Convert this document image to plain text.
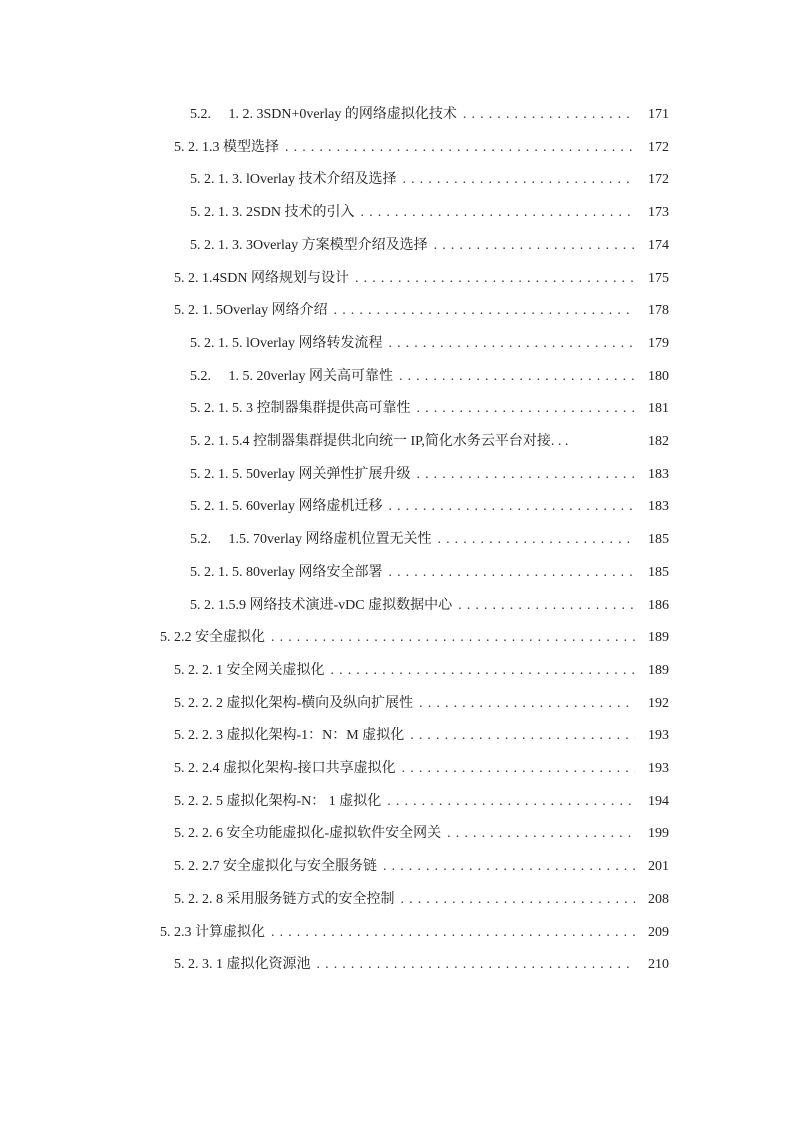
5.2.     1. 2. 3SDN+0verlay 的网络虚拟化技术 . . .	171
5. 2. 1.3 模型选择 . . .	172
5. 2. 1. 3. lOverlay 技术介绍及选择 . . .	172
5. 2. 1. 3. 2SDN 技术的引入 . . .	173
5. 2. 1. 3. 3Overlay 方案模型介绍及选择 . . .	174
5. 2. 1.4SDN 网络规划与设计 . . .	175
5. 2. 1. 5Overlay 网络介绍 . . .	178
5. 2. 1. 5. lOverlay 网络转发流程 . . .	179
5.2.     1. 5. 20verlay 网关高可靠性 . . .	180
5. 2. 1. 5. 3 控制器集群提供高可靠性 . . .	181
5. 2. 1. 5.4 控制器集群提供北向统一 IP,简化水务云平台对接. . .	182
5. 2. 1. 5. 50verlay 网关弹性扩展升级 . . .	183
5. 2. 1. 5. 60verlay 网络虚机迁移 . . .	183
5.2.     1.5. 70verlay 网络虚机位置无关性 . . .	185
5. 2. 1. 5. 80verlay 网络安全部署 . . .	185
5. 2. 1.5.9 网络技术演进-vDC 虚拟数据中心 . . .	186
5. 2.2 安全虚拟化 . . .	189
5. 2. 2. 1 安全网关虚拟化 . . .	189
5. 2. 2. 2 虚拟化架构-横向及纵向扩展性 . . .	192
5. 2. 2. 3 虚拟化架构-1：N：M 虚拟化 . . .	193
5. 2. 2.4 虚拟化架构-接口共享虚拟化 . . .	193
5. 2. 2. 5 虚拟化架构-N： 1 虚拟化 . . .	194
5. 2. 2. 6 安全功能虚拟化-虚拟软件安全网关 . . .	199
5. 2. 2.7 安全虚拟化与安全服务链 . . .	201
5. 2. 2. 8 采用服务链方式的安全控制 . . .	208
5. 2.3 计算虚拟化 . . .	209
5. 2. 3. 1 虚拟化资源池 . . .	210
